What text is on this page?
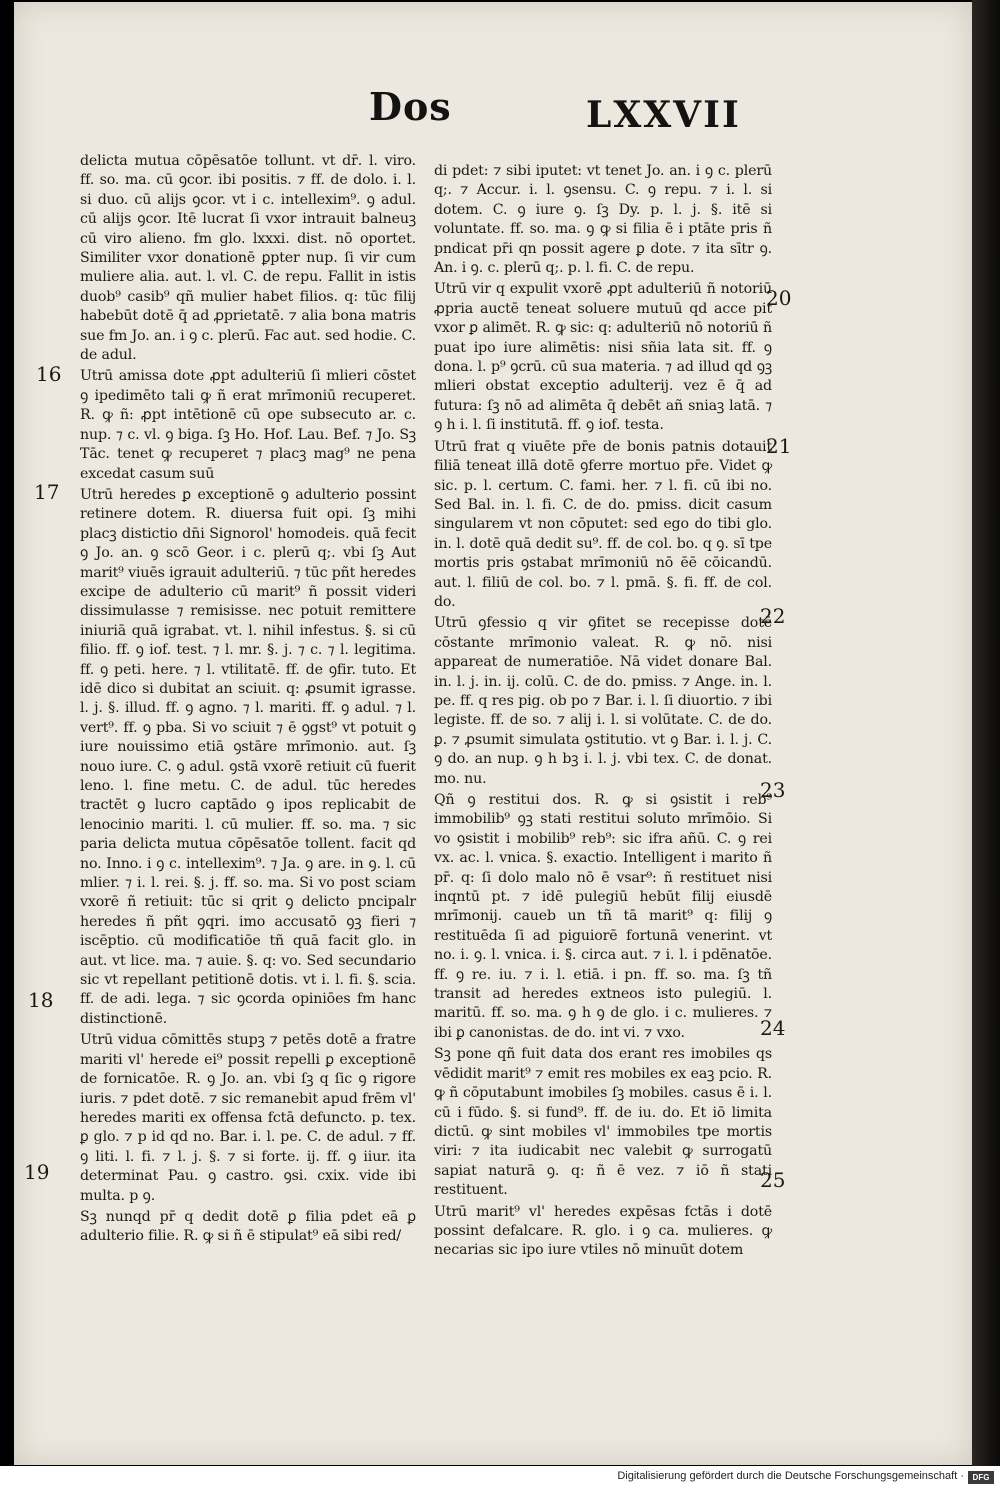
Dos	LXXVII

delicta mutua cōpēsatōe tollunt. vt dr̄. l. viro. ff. so. ma. cū ꝯcor. ibi positis. ⁊ ff. de dolo. i. l. si duo. cū alijs ꝯcor. vt i c. intellexim⁹. ꝯ adul. cū alijs ꝯcor. Itē lucrat ſi vxor intrauit balneuꝫ cū viro alieno. fm glo. lxxxi. dist. nō oportet. Similiter vxor donationē ꝑpter nup. ſi vir cum muliere alia. aut. l. vl. C. de repu. Fallit in istis duob⁹ casib⁹ qñ mulier habet filios. q: tūc filij habebūt dotē q̄ ad ꝓprietatē. ⁊ alia bona matris sue fm Jo. an. i ꝯ c. plerū. Fac aut. sed hodie. C. de adul.

Utrū amissa dote ꝓpt adulteriū ſi mlieri cōstet ꝯ ipedimēto tali ꝙ ñ erat mrīmoniū recuperet. R. ꝙ ñ: ꝓpt intētionē cū ope subsecuto ar. c. nup. ⁊ c. vl. ꝯ biga. ſꝫ Ho. Hof. Lau. Bef. ⁊ Jo. Sꝫ Tāc. tenet ꝙ recuperet ⁊ placꝫ mag⁹ ne pena excedat casum suū

Utrū heredes ꝑ exceptionē ꝯ adulterio possint retinere dotem. R. diuersa fuit opi. ſꝫ mihi placꝫ distictio dn̄i Signorol' homodeis. quā fecit ꝯ Jo. an. ꝯ scō Geor. i c. plerū q;. vbi ſꝫ Aut marit⁹ viuēs igrauit adulteriū. ⁊ tūc pñt heredes excipe de adulterio cū marit⁹ ñ possit videri dissimulasse ⁊ remisisse. nec potuit remittere iniuriā quā igrabat. vt. l. nihil infestus. §. si cū filio. ff. ꝯ iof. test. ⁊ l. mr. §. j. ⁊ c. ⁊ l. legitima. ff. ꝯ peti. here. ⁊ l. vtilitatē. ff. de ꝯfir. tuto. Et idē dico si dubitat an sciuit. q: ꝓsumit igrasse. l. j. §. illud. ff. ꝯ agno. ⁊ l. mariti. ff. ꝯ adul. ⁊ l. vert⁹. ff. ꝯ pba. Si vo sciuit ⁊ ē ꝯgst⁹ vt potuit ꝯ iure nouissimo etiā ꝯstāre mrīmonio. aut. ſꝫ nouo iure. C. ꝯ adul. ꝯstā vxorē retiuit cū fuerit leno. l. fine metu. C. de adul. tūc heredes tractēt ꝯ lucro captādo ꝯ ipos replicabit de lenocinio mariti. l. cū mulier. ff. so. ma. ⁊ sic paria delicta mutua cōpēsatōe tollent. facit qd no. Inno. i ꝯ c. intellexim⁹. ⁊ Ja. ꝯ are. in ꝯ. l. cū mlier. ⁊ i. l. rei. §. j. ff. so. ma. Si vo post sciam vxorē ñ retiuit: tūc si qrit ꝯ delicto pncipalr heredes ñ pñt ꝯqri. imo accusatō ꝯꝫ fieri ⁊ iscēptio. cū modificatiōe tñ quā facit glo. in aut. vt lice. ma. ⁊ auie. §. q: vo. Sed secundario sic vt repellant petitionē dotis. vt i. l. fi. §. scia. ff. de adi. lega. ⁊ sic ꝯcorda opiniōes fm hanc distinctionē.

Utrū vidua cōmittēs stupꝫ ⁊ petēs dotē a fratre mariti vl' herede ei⁹ possit repelli ꝑ exceptionē de fornicatōe. R. ꝯ Jo. an. vbi ſꝫ q ſic ꝯ rigore iuris. ⁊ pdet dotē. ⁊ sic remanebit apud frēm vl' heredes mariti ex offensa fctā defuncto. p. tex. ꝑ glo. ⁊ p id qd no. Bar. i. l. pe. C. de adul. ⁊ ff. ꝯ liti. l. fi. ⁊ l. j. §. ⁊ si forte. ij. ff. ꝯ iiur. ita determinat Pau. ꝯ castro. ꝯsi. cxix. vide ibi multa. p ꝯ.

Sꝫ nunqd pr̄ q dedit dotē ꝑ filia pdet eā ꝑ adulterio filie. R. ꝙ si ñ ē stipulat⁹ eā sibi red/

di pdet: ⁊ sibi iputet: vt tenet Jo. an. i ꝯ c. plerū q;. ⁊ Accur. i. l. ꝯsensu. C. ꝯ repu. ⁊ i. l. si dotem. C. ꝯ iure ꝯ. ſꝫ Dy. p. l. j. §. itē si voluntate. ff. so. ma. ꝯ ꝙ si filia ē i ptāte pris ñ pndicat pr̄i qn possit agere ꝑ dote. ⁊ ita sītr ꝯ. An. i ꝯ. c. plerū q;. p. l. fi. C. de repu.

Utrū vir q expulit vxorē ꝓpt adulteriū ñ notoriū ꝓpria auctē teneat soluere mutuū qd acce pit vxor ꝑ alimēt. R. ꝙ sic: q: adulteriū nō notoriū ñ puat ipo iure alimētis: nisi sñia lata sit. ff. ꝯ dona. l. p⁹ ꝯcrū. cū sua materia. ⁊ ad illud qd ꝯꝫ mlieri obstat exceptio adulterij. vez ē q̄ ad futura: ſꝫ nō ad alimēta q̄ debēt añ sniaꝫ latā. ⁊ ꝯ h i. l. ſi institutā. ff. ꝯ iof. testa.

Utrū frat q viuēte pr̄e de bonis patnis dotauit filiā teneat illā dotē ꝯferre mortuo pr̄e. Videt ꝙ sic. p. l. certum. C. fami. her. ⁊ l. fi. cū ibi no. Sed Bal. in. l. fi. C. de do. pmiss. dicit casum singularem vt non cōputet: sed ego do tibi glo. in. l. dotē quā dedit su⁹. ff. de col. bo. q ꝯ. sī tpe mortis pris ꝯstabat mrīmoniū nō ēē cōicandū. aut. l. filiū de col. bo. ⁊ l. pmā. §. fi. ff. de col. do.

Utrū ꝯfessio q vir ꝯfitet se recepisse dotē cōstante mrīmonio valeat. R. ꝙ nō. nisi appareat de numeratiōe. Nā videt donare Bal. in. l. j. in. ij. colū. C. de do. pmiss. ⁊ Ange. in. l. pe. ff. q res pig. ob po ⁊ Bar. i. l. ſi diuortio. ⁊ ibi legiste. ff. de so. ⁊ alij i. l. si volūtate. C. de do. ꝑ. ⁊ ꝓsumit simulata ꝯstitutio. vt ꝯ Bar. i. l. j. C. ꝯ do. an nup. ꝯ h bꝫ i. l. j. vbi tex. C. de donat. mo. nu.

Qñ ꝯ restitui dos. R. ꝙ si ꝯsistit i reb⁹ immobilib⁹ ꝯꝫ stati restitui soluto mrīmōio. Si vo ꝯsistit i mobilib⁹ reb⁹: sic ifra añū. C. ꝯ rei vx. ac. l. vnica. §. exactio. Intelligent i marito ñ pr̄. q: ſi dolo malo nō ē vsar⁹: ñ restituet nisi inqntū pt. ⁊ idē pulegiū hebūt filij eiusdē mrīmonij. caueb un tñ tā marit⁹ q: filij ꝯ restituēda ſi ad piguiorē fortunā venerint. vt no. i. ꝯ. l. vnica. i. §. circa aut. ⁊ i. l. i pdēnatōe. ff. ꝯ re. iu. ⁊ i. l. etiā. i pn. ff. so. ma. ſꝫ tñ transit ad heredes extneos isto pulegiū. l. maritū. ff. so. ma. ꝯ h ꝯ de glo. i c. mulieres. ⁊ ibi ꝑ canonistas. de do. int vi. ⁊ vxo.

Sꝫ pone qñ fuit data dos erant res imobiles qs vēdidit marit⁹ ⁊ emit res mobiles ex eaꝫ pcio. R. ꝙ ñ cōputabunt imobiles ſꝫ mobiles. casus ē i. l. cū i fūdo. §. si fund⁹. ff. de iu. do. Et iō limita dictū. ꝙ sint mobiles vl' immobiles tpe mortis viri: ⁊ ita iudicabit nec valebit ꝙ surrogatū sapiat naturā ꝯ. q: ñ ē vez. ⁊ iō ñ stati restituent.

Utrū marit⁹ vl' heredes expēsas fctās i dotē possint defalcare. R. glo. i ꝯ ca. mulieres. ꝙ necarias sic ipo iure vtiles nō minuūt dotem

16
17
18
19
20
21
22
23
24
25
Digitalisierung gefördert durch die Deutsche Forschungsgemeinschaft ·	DFG
